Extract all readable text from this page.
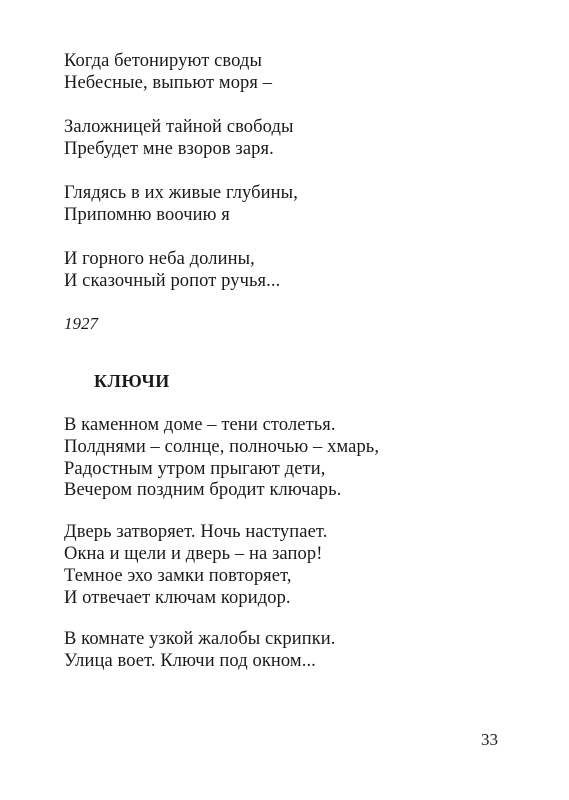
Когда бетонируют своды
Небесные, выпьют моря –
Заложницей тайной свободы
Пребудет мне взоров заря.
Глядясь в их живые глубины,
Припомню воочию я
И горного неба долины,
И сказочный ропот ручья...
1927
КЛЮЧИ
В каменном доме – тени столетья.
Полднями – солнце, полночью – хмарь,
Радостным утром прыгают дети,
Вечером поздним бродит ключарь.
Дверь затворяет. Ночь наступает.
Окна и щели и дверь – на запор!
Темное эхо замки повторяет,
И отвечает ключам коридор.
В комнате узкой жалобы скрипки.
Улица воет. Ключи под окном...
33
